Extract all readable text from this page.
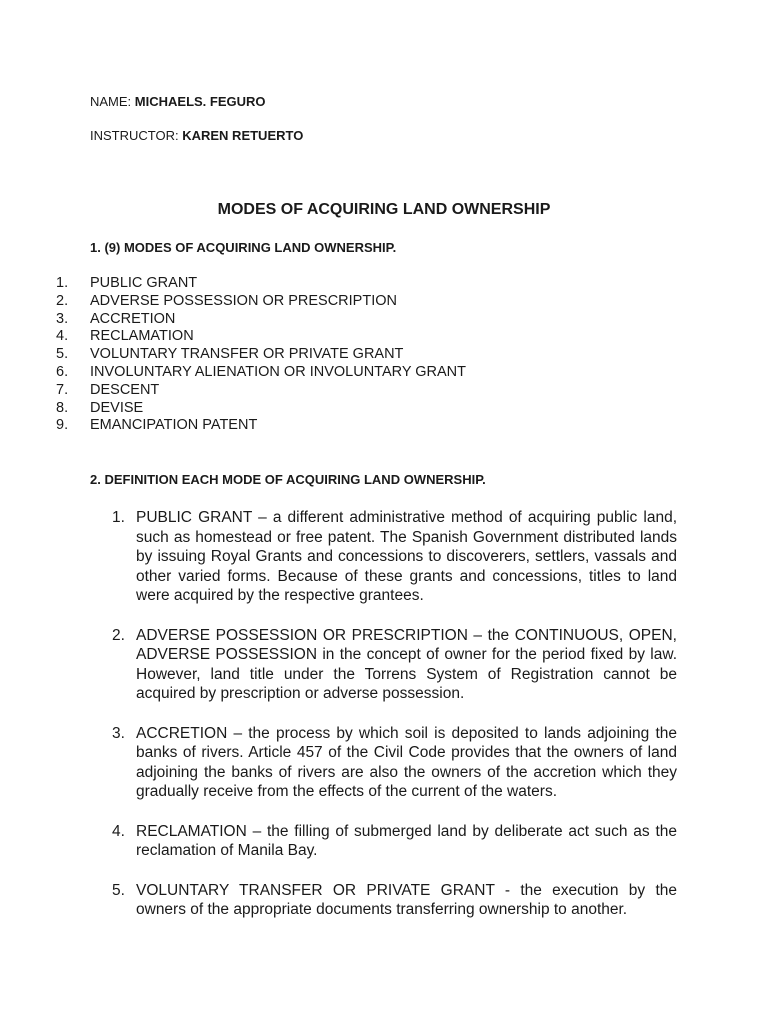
NAME: MICHAELS. FEGURO
INSTRUCTOR: KAREN RETUERTO
MODES OF ACQUIRING LAND OWNERSHIP
1. (9) MODES OF ACQUIRING LAND OWNERSHIP.
1.	PUBLIC GRANT
2.	ADVERSE POSSESSION OR PRESCRIPTION
3.	ACCRETION
4.	RECLAMATION
5.	VOLUNTARY TRANSFER OR PRIVATE GRANT
6.	INVOLUNTARY ALIENATION OR INVOLUNTARY GRANT
7.	DESCENT
8.	DEVISE
9.	EMANCIPATION PATENT
2. DEFINITION EACH MODE OF ACQUIRING LAND OWNERSHIP.
1. PUBLIC GRANT – a different administrative method of acquiring public land, such as homestead or free patent. The Spanish Government distributed lands by issuing Royal Grants and concessions to discoverers, settlers, vassals and other varied forms. Because of these grants and concessions, titles to land were acquired by the respective grantees.
2. ADVERSE POSSESSION OR PRESCRIPTION – the CONTINUOUS, OPEN, ADVERSE POSSESSION in the concept of owner for the period fixed by law. However, land title under the Torrens System of Registration cannot be acquired by prescription or adverse possession.
3. ACCRETION – the process by which soil is deposited to lands adjoining the banks of rivers. Article 457 of the Civil Code provides that the owners of land adjoining the banks of rivers are also the owners of the accretion which they gradually receive from the effects of the current of the waters.
4. RECLAMATION – the filling of submerged land by deliberate act such as the reclamation of Manila Bay.
5. VOLUNTARY TRANSFER OR PRIVATE GRANT - the execution by the owners of the appropriate documents transferring ownership to another.
